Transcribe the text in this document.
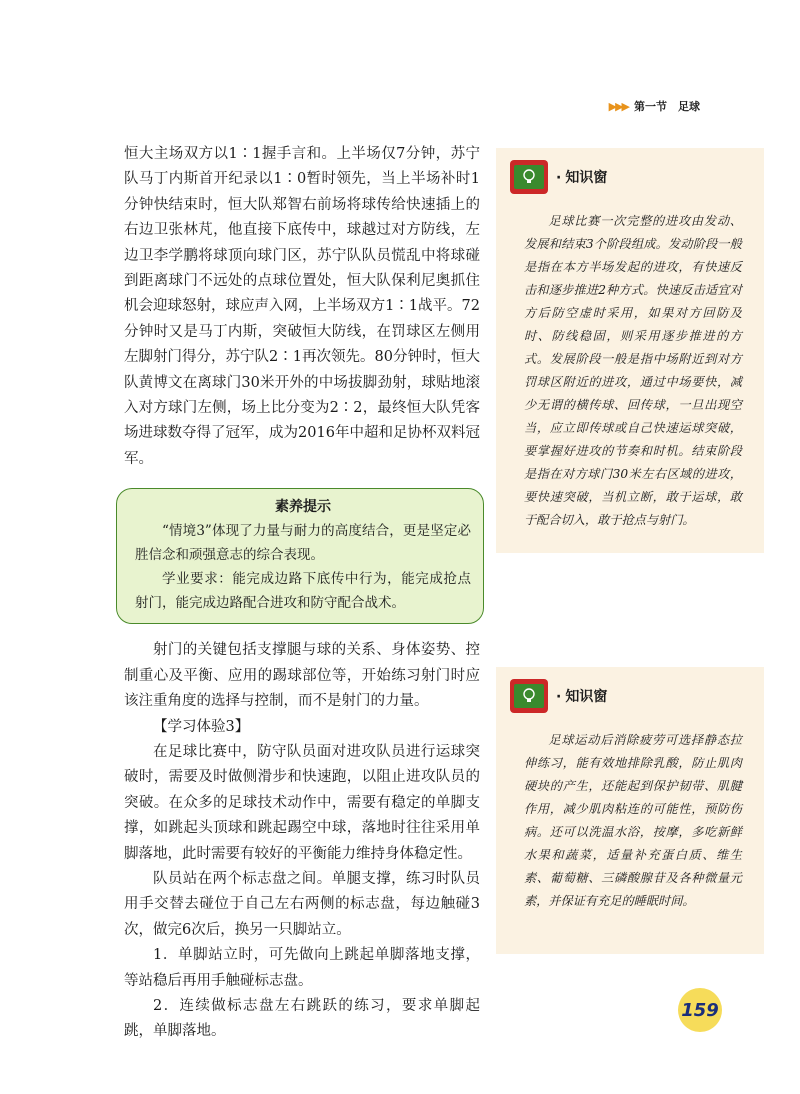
▶▶▶ 第一节　足球

恒大主场双方以1∶1握手言和。上半场仅7分钟，苏宁队马丁内斯首开纪录以1∶0暂时领先，当上半场补时1分钟快结束时，恒大队郑智右前场将球传给快速插上的右边卫张林芃，他直接下底传中，球越过对方防线，左边卫李学鹏将球顶向球门区，苏宁队队员慌乱中将球碰到距离球门不远处的点球位置处，恒大队保利尼奥抓住机会迎球怒射，球应声入网，上半场双方1∶1战平。72分钟时又是马丁内斯，突破恒大防线，在罚球区左侧用左脚射门得分，苏宁队2∶1再次领先。80分钟时，恒大队黄博文在离球门30米开外的中场拔脚劲射，球贴地滚入对方球门左侧，场上比分变为2∶2，最终恒大队凭客场进球数夺得了冠军，成为2016年中超和足协杯双料冠军。

素养提示

“情境3”体现了力量与耐力的高度结合，更是坚定必胜信念和顽强意志的综合表现。

学业要求：能完成边路下底传中行为，能完成抢点射门，能完成边路配合进攻和防守配合战术。

射门的关键包括支撑腿与球的关系、身体姿势、控制重心及平衡、应用的踢球部位等，开始练习射门时应该注重角度的选择与控制，而不是射门的力量。

【学习体验3】

在足球比赛中，防守队员面对进攻队员进行运球突破时，需要及时做侧滑步和快速跑，以阻止进攻队员的突破。在众多的足球技术动作中，需要有稳定的单脚支撑，如跳起头顶球和跳起踢空中球，落地时往往采用单脚落地，此时需要有较好的平衡能力维持身体稳定性。

队员站在两个标志盘之间。单腿支撑，练习时队员用手交替去碰位于自己左右两侧的标志盘，每边触碰3次，做完6次后，换另一只脚站立。

1．单脚站立时，可先做向上跳起单脚落地支撑，等站稳后再用手触碰标志盘。

2．连续做标志盘左右跳跃的练习，要求单脚起跳，单脚落地。

· 知识窗
足球比赛一次完整的进攻由发动、发展和结束3个阶段组成。发动阶段一般是指在本方半场发起的进攻，有快速反击和逐步推进2种方式。快速反击适宜对方后防空虚时采用，如果对方回防及时、防线稳固，则采用逐步推进的方式。发展阶段一般是指中场附近到对方罚球区附近的进攻，通过中场要快，减少无谓的横传球、回传球，一旦出现空当，应立即传球或自己快速运球突破，要掌握好进攻的节奏和时机。结束阶段是指在对方球门30米左右区域的进攻，要快速突破，当机立断，敢于运球，敢于配合切入，敢于抢点与射门。
· 知识窗
足球运动后消除疲劳可选择静态拉伸练习，能有效地排除乳酸，防止肌肉硬块的产生，还能起到保护韧带、肌腱作用，减少肌肉粘连的可能性，预防伤病。还可以洗温水浴，按摩，多吃新鲜水果和蔬菜，适量补充蛋白质、维生素、葡萄糖、三磷酸腺苷及各种微量元素，并保证有充足的睡眠时间。
159
